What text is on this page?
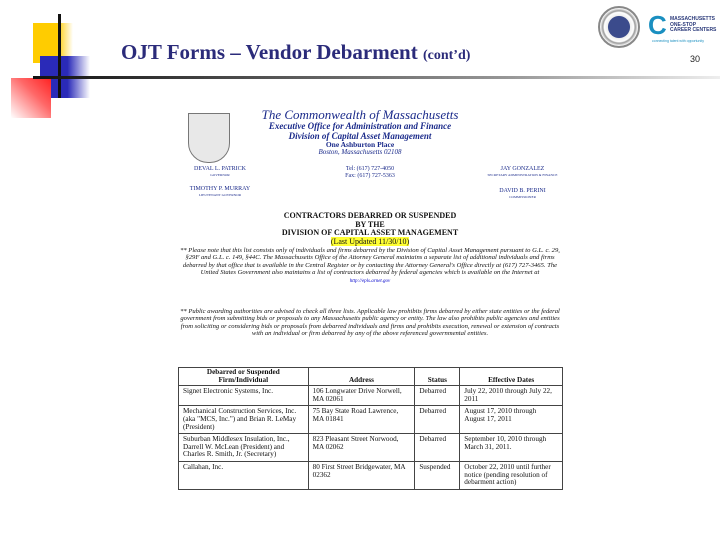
OJT Forms – Vendor Debarment (cont’d)
C MASSACHUSETTS ONE-STOP CAREER CENTERS
connecting talent with opportunity
30
The Commonwealth of Massachusetts
Executive Office for Administration and Finance
Division of Capital Asset Management
One Ashburton Place
Boston, Massachusetts 02108
DEVAL L. PATRICK
GOVERNOR
TIMOTHY P. MURRAY
LIEUTENANT GOVERNOR
Tel: (617) 727-4050
Fax: (617) 727-5363
JAY GONZALEZ
SECRETARY ADMINISTRATION & FINANCE
DAVID B. PERINI
COMMISSIONER
CONTRACTORS DEBARRED OR SUSPENDED
BY THE
DIVISION OF CAPITAL ASSET MANAGEMENT
(Last Updated 11/30/10)
** Please note that this list consists only of individuals and firms debarred by the Division of Capital Asset Management pursuant to G.L. c. 29, §29F and G.L. c. 149, §44C. The Massachusetts Office of the Attorney General maintains a separate list of additional individuals and firms debarred by that office that is available in the Central Register or by contacting the Attorney General's Office directly at (617) 727-3465. The United States Government also maintains a list of contractors debarred by federal agencies which is available on the Internet at
http://epls.arnet.gov
** Public awarding authorities are advised to check all three lists. Applicable law prohibits firms debarred by either state entities or the federal government from submitting bids or proposals to any Massachusetts public agency or entity. The law also prohibits public agencies and entities from soliciting or considering bids or proposals from debarred individuals and firms and prohibits execution, renewal or extension of contracts with an individual or firm debarred by any of the above referenced governmental entities.
Debarred or Suspended Firm/Individual	Address	Status	Effective Dates
Signet Electronic Systems, Inc.	106 Longwater Drive Norwell, MA 02061	Debarred	July 22, 2010 through July 22, 2011
Mechanical Construction Services, Inc. (aka "MCS, Inc.") and Brian R. LeMay (President)	75 Bay State Road Lawrence, MA 01841	Debarred	August 17, 2010 through August 17, 2011
Suburban Middlesex Insulation, Inc., Darrell W. McLean (President) and Charles R. Smith, Jr. (Secretary)	823 Pleasant Street Norwood, MA 02062	Debarred	September 10, 2010 through March 31, 2011.
Callahan, Inc.	80 First Street Bridgewater, MA 02362	Suspended	October 22, 2010 until further notice (pending resolution of debarment action)
